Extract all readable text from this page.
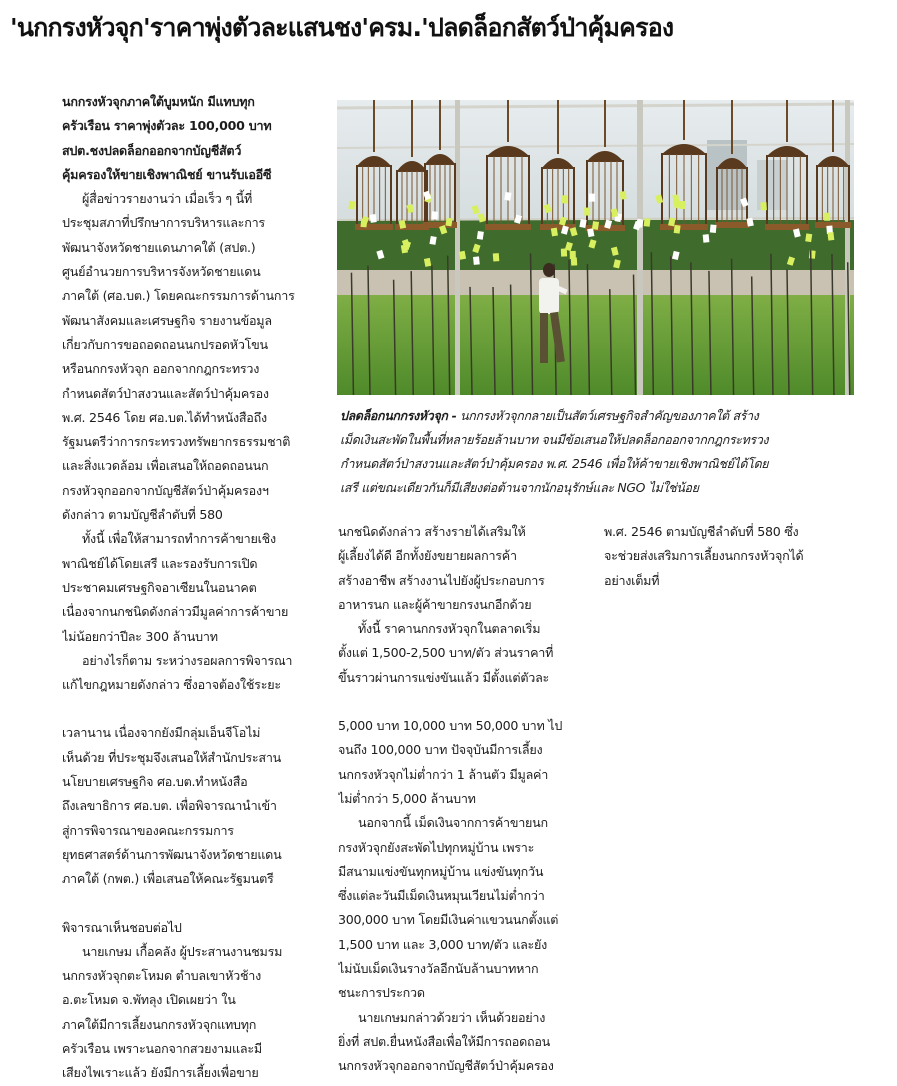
'นกกรงหัวจุก'ราคาพุ่งตัวละแสนชง'ครม.'ปลดล็อกสัตว์ป่าคุ้มครอง
ปลดล็อกนกกรงหัวจุก - นกกรงหัวจุกกลายเป็นสัตว์เศรษฐกิจสำคัญของภาคใต้ สร้าง
เม็ดเงินสะพัดในพื้นที่หลายร้อยล้านบาท จนมีข้อเสนอให้ปลดล็อกออกจากกฎกระทรวง
กำหนดสัตว์ป่าสงวนและสัตว์ป่าคุ้มครอง พ.ศ. 2546 เพื่อให้ค้าขายเชิงพาณิชย์ได้โดย
เสรี แต่ขณะเดียวกันก็มีเสียงต่อต้านจากนักอนุรักษ์และ NGO ไม่ใช่น้อย
นกกรงหัวจุกภาคใต้บูมหนัก มีแทบทุก
ครัวเรือน ราคาพุ่งตัวละ 100,000 บาท
สปต.ชงปลดล็อกออกจากบัญชีสัตว์
คุ้มครองให้ขายเชิงพาณิชย์ ขานรับเออีซี
ผู้สื่อข่าวรายงานว่า เมื่อเร็ว ๆ นี้ที่
ประชุมสภาที่ปรึกษาการบริหารและการ
พัฒนาจังหวัดชายแดนภาคใต้ (สปต.)
ศูนย์อำนวยการบริหารจังหวัดชายแดน
ภาคใต้ (ศอ.บต.) โดยคณะกรรมการด้านการ
พัฒนาสังคมและเศรษฐกิจ รายงานข้อมูล
เกี่ยวกับการขอถอดถอนนกปรอดหัวโขน
หรือนกกรงหัวจุก ออกจากกฎกระทรวง
กำหนดสัตว์ป่าสงวนและสัตว์ป่าคุ้มครอง
พ.ศ. 2546 โดย ศอ.บต.ได้ทำหนังสือถึง
รัฐมนตรีว่าการกระทรวงทรัพยากรธรรมชาติ
และสิ่งแวดล้อม เพื่อเสนอให้ถอดถอนนก
กรงหัวจุกออกจากบัญชีสัตว์ป่าคุ้มครองฯ
ดังกล่าว ตามบัญชีลำดับที่ 580
ทั้งนี้ เพื่อให้สามารถทำการค้าขายเชิง
พาณิชย์ได้โดยเสรี และรองรับการเปิด
ประชาคมเศรษฐกิจอาเซียนในอนาคต
เนื่องจากนกชนิดดังกล่าวมีมูลค่าการค้าขาย
ไม่น้อยกว่าปีละ 300 ล้านบาท
อย่างไรก็ตาม ระหว่างรอผลการพิจารณา
แก้ไขกฎหมายดังกล่าว ซึ่งอาจต้องใช้ระยะ
เวลานาน เนื่องจากยังมีกลุ่มเอ็นจีโอไม่
เห็นด้วย ที่ประชุมจึงเสนอให้สำนักประสาน
นโยบายเศรษฐกิจ ศอ.บต.ทำหนังสือ
ถึงเลขาธิการ ศอ.บต. เพื่อพิจารณานำเข้า
สู่การพิจารณาของคณะกรรมการ
ยุทธศาสตร์ด้านการพัฒนาจังหวัดชายแดน
ภาคใต้ (กพต.) เพื่อเสนอให้คณะรัฐมนตรี
พิจารณาเห็นชอบต่อไป
นายเกษม เกื้อคลัง ผู้ประสานงานชมรม
นกกรงหัวจุกตะโหมด ตำบลเขาหัวช้าง
อ.ตะโหมด จ.พัทลุง เปิดเผยว่า ใน
ภาคใต้มีการเลี้ยงนกกรงหัวจุกแทบทุก
ครัวเรือน เพราะนอกจากสวยงามและมี
เสียงไพเราะแล้ว ยังมีการเลี้ยงเพื่อขาย
นกชนิดดังกล่าว สร้างรายได้เสริมให้
ผู้เลี้ยงได้ดี อีกทั้งยังขยายผลการค้า
สร้างอาชีพ สร้างงานไปยังผู้ประกอบการ
อาหารนก และผู้ค้าขายกรงนกอีกด้วย
ทั้งนี้ ราคานกกรงหัวจุกในตลาดเริ่ม
ตั้งแต่ 1,500-2,500 บาท/ตัว ส่วนราคาที่
ขึ้นราวผ่านการแข่งขันแล้ว มีตั้งแต่ตัวละ
5,000 บาท 10,000 บาท 50,000 บาท ไป
จนถึง 100,000 บาท ปัจจุบันมีการเลี้ยง
นกกรงหัวจุกไม่ต่ำกว่า 1 ล้านตัว มีมูลค่า
ไม่ต่ำกว่า 5,000 ล้านบาท
นอกจากนี้ เม็ดเงินจากการค้าขายนก
กรงหัวจุกยังสะพัดไปทุกหมู่บ้าน เพราะ
มีสนามแข่งขันทุกหมู่บ้าน แข่งขันทุกวัน
ซึ่งแต่ละวันมีเม็ดเงินหมุนเวียนไม่ต่ำกว่า
300,000 บาท โดยมีเงินค่าแขวนนกตั้งแต่
1,500 บาท และ 3,000 บาท/ตัว และยัง
ไม่นับเม็ดเงินรางวัลอีกนับล้านบาทหาก
ชนะการประกวด
นายเกษมกล่าวด้วยว่า เห็นด้วยอย่าง
ยิ่งที่ สปต.ยื่นหนังสือเพื่อให้มีการถอดถอน
นกกรงหัวจุกออกจากบัญชีสัตว์ป่าคุ้มครอง
พ.ศ. 2546 ตามบัญชีลำดับที่ 580 ซึ่ง
จะช่วยส่งเสริมการเลี้ยงนกกรงหัวจุกได้
อย่างเต็มที่
